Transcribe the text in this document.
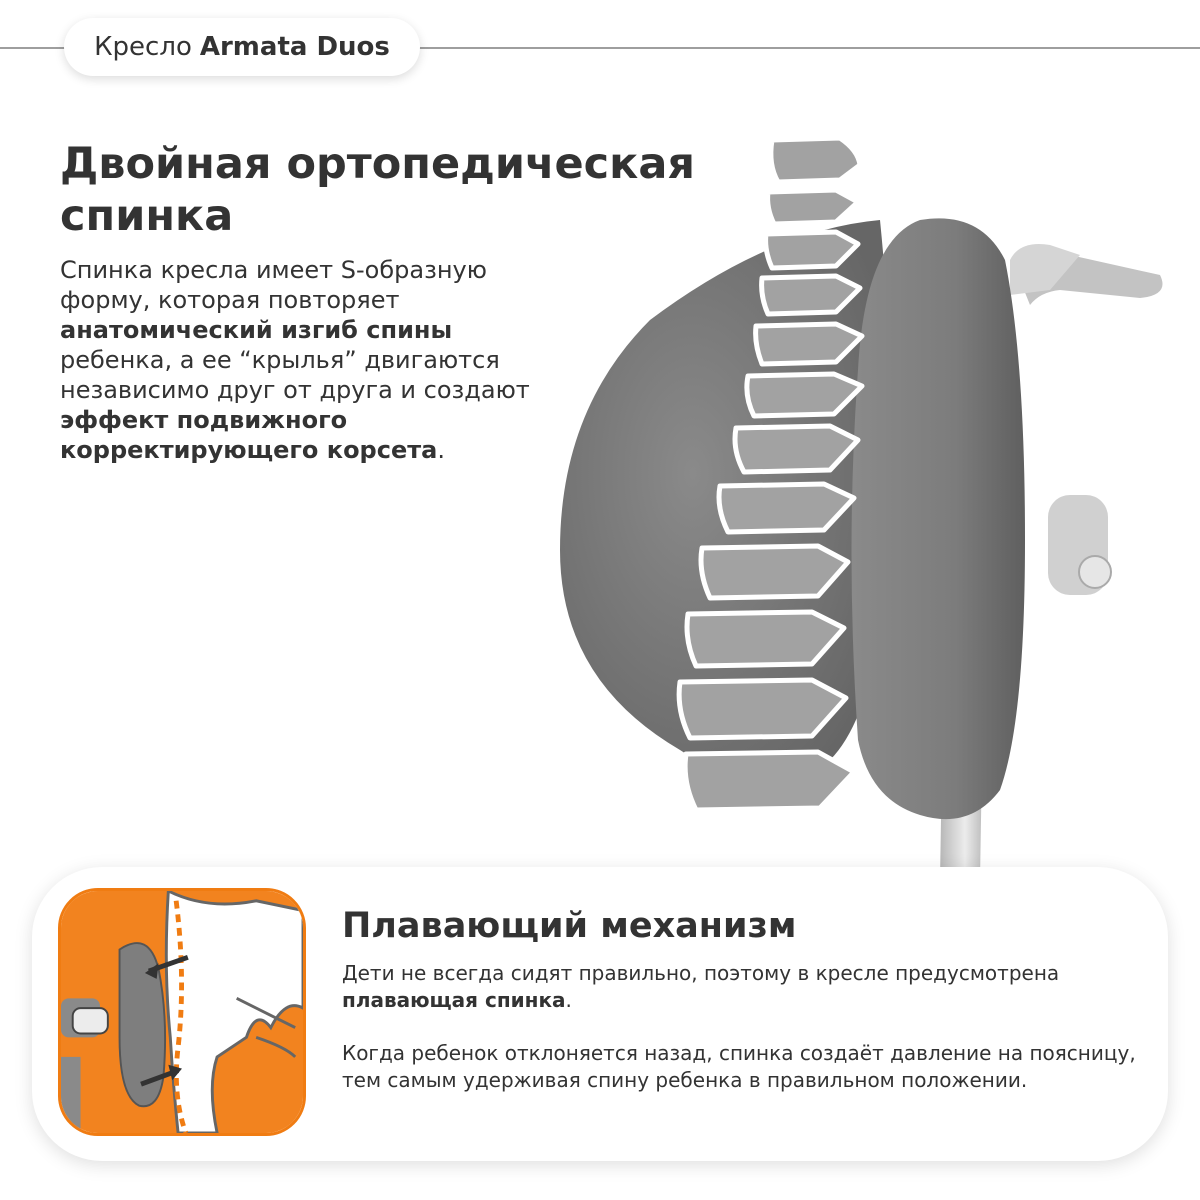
Кресло Armata Duos
Двойная ортопедическая
спинка

Спинка кресла имеет S-образную форму, которая повторяет анатомический изгиб спины ребенка, а ее “крылья” двигаются независимо друг от друга и создают эффект подвижного корректирующего корсета.

Плавающий механизм

Дети не всегда сидят правильно, поэтому в кресле предусмотрена плавающая спинка.

Когда ребенок отклоняется назад, спинка создаёт давление на поясницу, тем самым удерживая спину ребенка в правильном положении.
